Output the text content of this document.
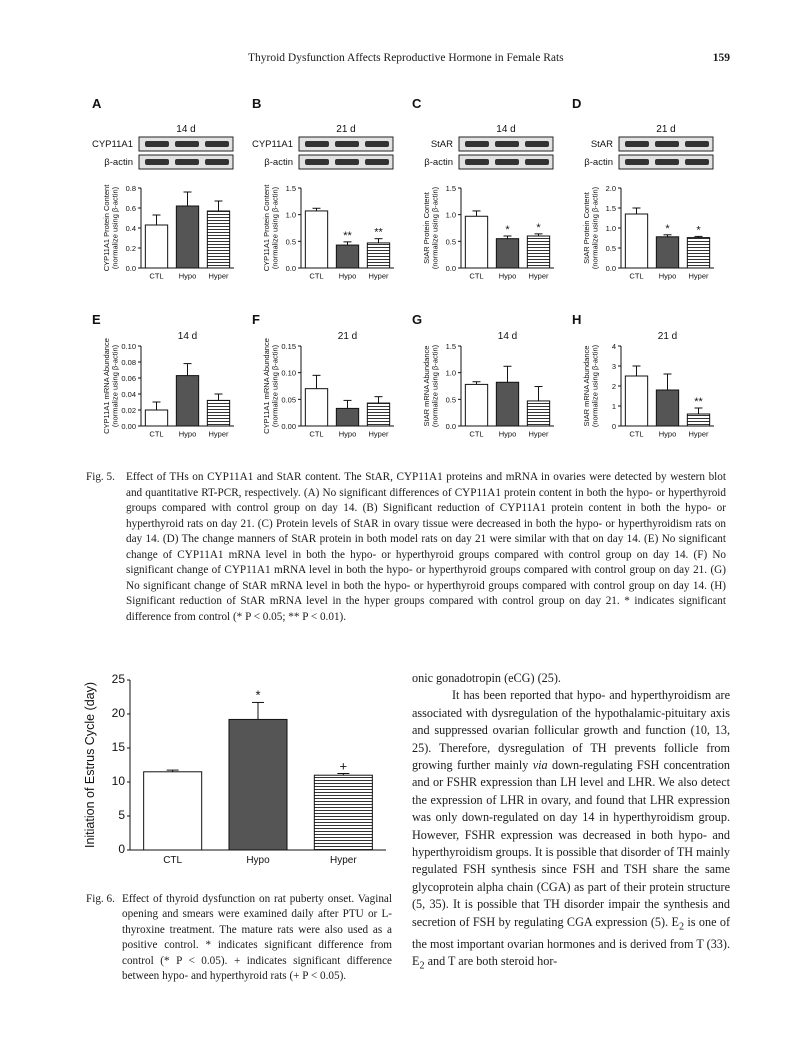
Thyroid Dysfunction Affects Reproductive Hormone in Female Rats	159
A
14 d
CYP11A1
β-actin
0.0
0.2
0.4
0.6
0.8
CTL Hypo Hyper
CYP11A1 Protein Content (normalize using β-actin)
B
21 d
CYP11A1
β-actin
0.0
0.5
1.0
1.5
CTL Hypo
**
Hyper
**
CYP11A1 Protein Content (normalize using β-actin)
C
14 d
StAR
β-actin
0.0
0.5
1.0
1.5
CTL Hypo
*
Hyper
*
StAR Protein Content (normalize using β-actin)
D
21 d
StAR
β-actin
0.0
0.5
1.0
1.5
2.0
CTL Hypo
*
Hyper
*
StAR Protein Content (normalize using β-actin)
E
0.00
0.02
0.04
0.06
0.08
0.10
CTL Hypo Hyper
14 d
CYP11A1 mRNA Abundance (normalize using β-actin)
F
0.00
0.05
0.10
0.15
CTL Hypo Hyper
21 d
CYP11A1 mRNA Abundance (normalize using β-actin)
G
0.0
0.5
1.0
1.5
CTL Hypo Hyper
14 d
StAR mRNA Abundance (normalize using β-actin)
H
0
1
2
3
4
CTL Hypo Hyper
**
21 d
StAR mRNA Abundance (normalize using β-actin)
Fig. 5. Effect of THs on CYP11A1 and StAR content. The StAR, CYP11A1 proteins and mRNA in ovaries were detected by western blot and quantitative RT-PCR, respectively. (A) No significant differences of CYP11A1 protein content in both the hypo- or hyperthyroid groups compared with control group on day 14. (B) Significant reduction of CYP11A1 protein content in both the hypo- or hyperthyroid rats on day 21. (C) Protein levels of StAR in ovary tissue were decreased in both the hypo- or hyperthyroidism rats on day 14. (D) The change manners of StAR protein in both model rats on day 21 were similar with that on day 14. (E) No significant change of CYP11A1 mRNA level in both the hypo- or hyperthyroid groups compared with control group on day 14. (F) No significant change of CYP11A1 mRNA level in both the hypo- or hyperthyroid groups compared with control group on day 21. (G) No significant change of StAR mRNA level in both the hypo- or hyperthyroid groups compared with control group on day 14. (H) Significant reduction of StAR mRNA level in the hyper groups compared with control group on day 21. * indicates significant difference from control (* P < 0.05; ** P < 0.01).
0
5
10
15
20
25
CTL	Hypo
*
Hyper
+
Initiation of Estrus Cycle (day)
Fig. 6. Effect of thyroid dysfunction on rat puberty onset. Vaginal opening and smears were examined daily after PTU or L-thyroxine treatment. The mature rats were also used as a positive control. * indicates significant difference from control (* P < 0.05). + indicates significant difference between hypo- and hyperthyroid rats (+ P < 0.05).

onic gonadotropin (eCG) (25).

It has been reported that hypo- and hyperthyroidism are associated with dysregulation of the hypothalamic-pituitary axis and suppressed ovarian follicular growth and function (10, 13, 25). Therefore, dysregulation of TH prevents follicle from growing further mainly via down-regulating FSH concentration and or FSHR expression than LH level and LHR. We also detect the expression of LHR in ovary, and found that LHR expression was only down-regulated on day 14 in hyperthyroidism group. However, FSHR expression was decreased in both hypo- and hyperthyroidism groups. It is possible that disorder of TH mainly regulated FSH synthesis since FSH and TSH share the same glycoprotein alpha chain (CGA) as part of their protein structure (5, 35). It is possible that TH disorder impair the synthesis and secretion of FSH by regulating CGA expression (5). $E_2$ is one of the most important ovarian hormones and is derived from T (33). $E_2$ and T are both steroid hor-
